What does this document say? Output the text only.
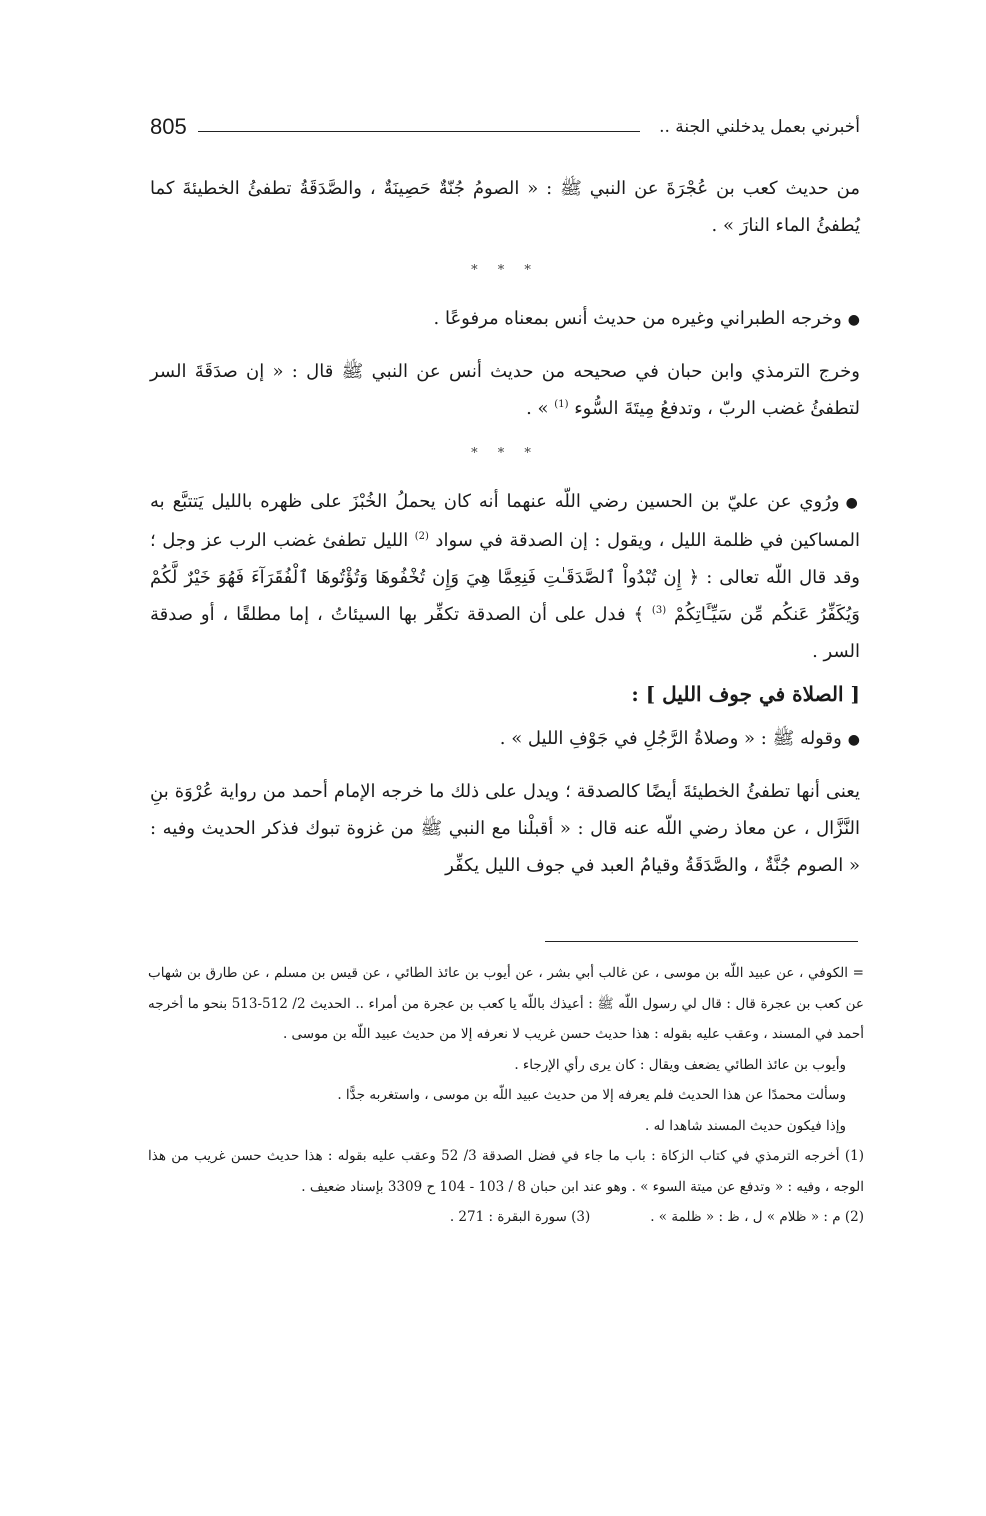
805	أخبرني بعمل يدخلني الجنة ..

من حديث كعب بن عُجْرَةَ عن النبي ﷺ : « الصومُ جُنّةٌ حَصِينَةٌ ، والصَّدَقَةُ تطفئُ الخطيئةَ كما يُطفئُ الماء النارَ » .

* * *

●وخرجه الطبراني وغيره من حديث أنس بمعناه مرفوعًا .

وخرج الترمذي وابن حبان في صحيحه من حديث أنس عن النبي ﷺ قال : « إن صدَقَةَ السر لتطفئُ غضب الربّ ، وتدفعُ مِيتَةَ السُّوء $^{(1)}$ » .

* * *

●ورُوي عن عليّ بن الحسين رضي اللّه عنهما أنه كان يحملُ الخُبْزَ على ظهره بالليل يَتتبَّع به المساكين في ظلمة الليل ، ويقول : إن الصدقة في سواد $^{(2)}$ الليل تطفئ غضب الرب عز وجل ؛ وقد قال اللّه تعالى : ﴿ إِن تُبْدُواْ ٱلصَّدَقَـٰتِ فَنِعِمَّا هِيَ وَإِن تُخْفُوهَا وَتُؤْتُوهَا ٱلْفُقَرَآءَ فَهُوَ خَيْرٌ لَّكُمْ وَيُكَفِّرُ عَنكُم مِّن سَيِّـَٔاتِكُمْ $^{(3)}$ ﴾ فدل على أن الصدقة تكفِّر بها السيئاتُ ، إما مطلقًا ، أو صدقة السر .

[ الصلاة في جوف الليل ] :

●وقوله ﷺ : « وصلاةُ الرَّجُلِ في جَوْفِ الليل » .

يعنى أنها تطفئُ الخطيئةَ أيضًا كالصدقة ؛ ويدل على ذلك ما خرجه الإمام أحمد من رواية عُرْوَة بنِ النَّزَّال ، عن معاذ رضي اللّه عنه قال : « أقبلْنا مع النبي ﷺ من غزوة تبوك فذكر الحديث وفيه : « الصوم جُنَّةٌ ، والصَّدَقَةُ وقيامُ العبد في جوف الليل يكفِّر

= الكوفي ، عن عبيد اللّه بن موسى ، عن غالب أبي بشر ، عن أيوب بن عائذ الطائي ، عن قيس بن مسلم ، عن طارق بن شهاب عن كعب بن عجرة قال : قال لي رسول اللّه ﷺ : أعيذك باللّه يا كعب بن عجرة من أمراء .. الحديث 2/ 512-513 بنحو ما أخرجه أحمد في المسند ، وعقب عليه بقوله : هذا حديث حسن غريب لا نعرفه إلا من حديث عبيد اللّه بن موسى .

وأيوب بن عائذ الطائي يضعف ويقال : كان يرى رأي الإرجاء .

وسألت محمدًا عن هذا الحديث فلم يعرفه إلا من حديث عبيد اللّه بن موسى ، واستغربه جدًّا .

وإذا فيكون حديث المسند شاهدا له .

(1) أخرجه الترمذي في كتاب الزكاة : باب ما جاء في فضل الصدقة 3/ 52 وعقب عليه بقوله : هذا حديث حسن غريب من هذا الوجه ، وفيه : « وتدفع عن ميتة السوء » . وهو عند ابن حبان 8 / 103 - 104 ح 3309 بإسناد ضعيف .

(2) م : « ظلام » ل ، ظ : « ظلمة » .
(3) سورة البقرة : 271 .
